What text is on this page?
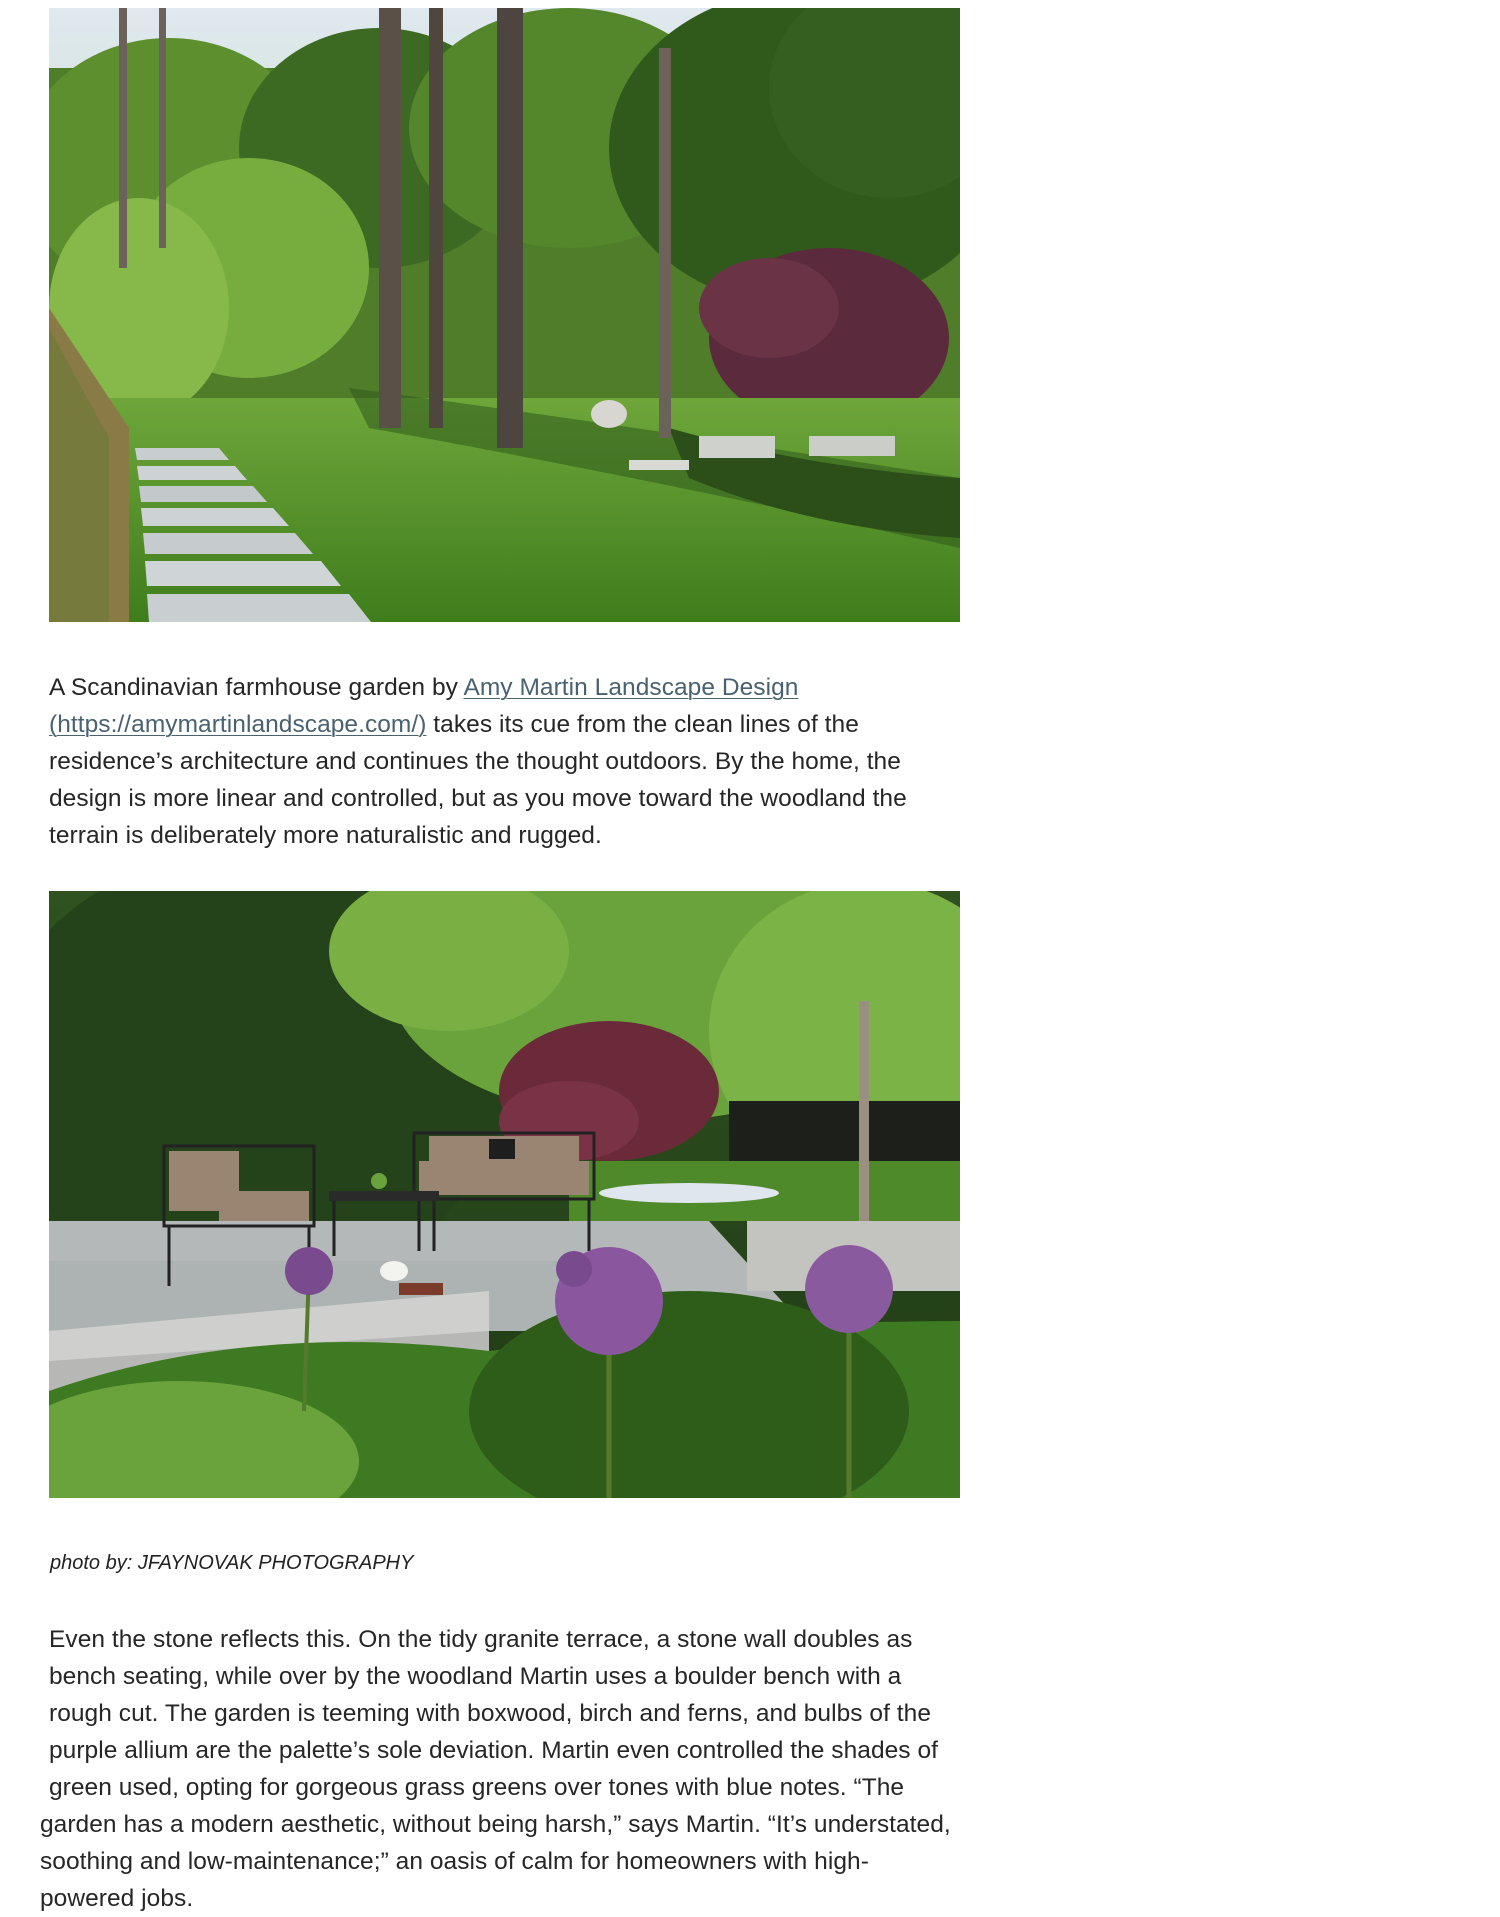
A Scandinavian farmhouse garden by Amy Martin Landscape Design
(https://amymartinlandscape.com/) takes its cue from the clean lines of the
residence’s architecture and continues the thought outdoors. By the home, the
design is more linear and controlled, but as you move toward the woodland the
terrain is deliberately more naturalistic and rugged.

photo by: JFAYNOVAK PHOTOGRAPHY

Even the stone reflects this. On the tidy granite terrace, a stone wall doubles as
bench seating, while over by the woodland Martin uses a boulder bench with a
rough cut. The garden is teeming with boxwood, birch and ferns, and bulbs of the
purple allium are the palette’s sole deviation. Martin even controlled the shades of
green used, opting for gorgeous grass greens over tones with blue notes. “The
garden has a modern aesthetic, without being harsh,” says Martin. “It’s understated,
soothing and low-maintenance;” an oasis of calm for homeowners with high-
powered jobs.
